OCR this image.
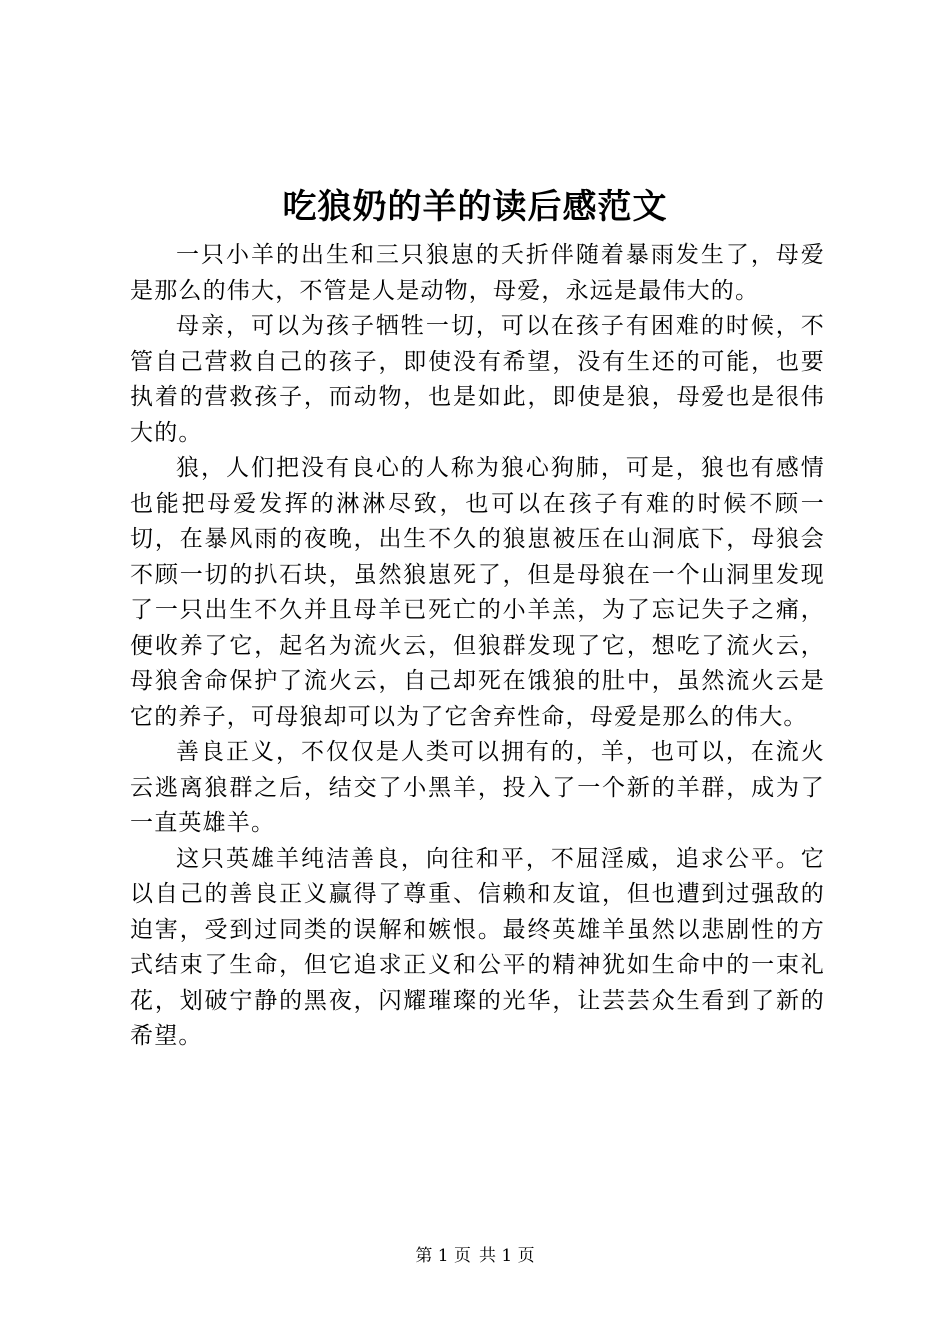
吃狼奶的羊的读后感范文

一只小羊的出生和三只狼崽的夭折伴随着暴雨发生了，母爱是那么的伟大，不管是人是动物，母爱，永远是最伟大的。

母亲，可以为孩子牺牲一切，可以在孩子有困难的时候，不管自己营救自己的孩子，即使没有希望，没有生还的可能，也要执着的营救孩子，而动物，也是如此，即使是狼，母爱也是很伟大的。

狼，人们把没有良心的人称为狼心狗肺，可是，狼也有感情也能把母爱发挥的淋淋尽致，也可以在孩子有难的时候不顾一切，在暴风雨的夜晚，出生不久的狼崽被压在山洞底下，母狼会不顾一切的扒石块，虽然狼崽死了，但是母狼在一个山洞里发现了一只出生不久并且母羊已死亡的小羊羔，为了忘记失子之痛，便收养了它，起名为流火云，但狼群发现了它，想吃了流火云，母狼舍命保护了流火云，自己却死在饿狼的肚中，虽然流火云是它的养子，可母狼却可以为了它舍弃性命，母爱是那么的伟大。

善良正义，不仅仅是人类可以拥有的，羊，也可以，在流火云逃离狼群之后，结交了小黑羊，投入了一个新的羊群，成为了一直英雄羊。

这只英雄羊纯洁善良，向往和平，不屈淫威，追求公平。它以自己的善良正义赢得了尊重、信赖和友谊，但也遭到过强敌的迫害，受到过同类的误解和嫉恨。最终英雄羊虽然以悲剧性的方式结束了生命，但它追求正义和公平的精神犹如生命中的一束礼花，划破宁静的黑夜，闪耀璀璨的光华，让芸芸众生看到了新的希望。

第 1 页 共 1 页
